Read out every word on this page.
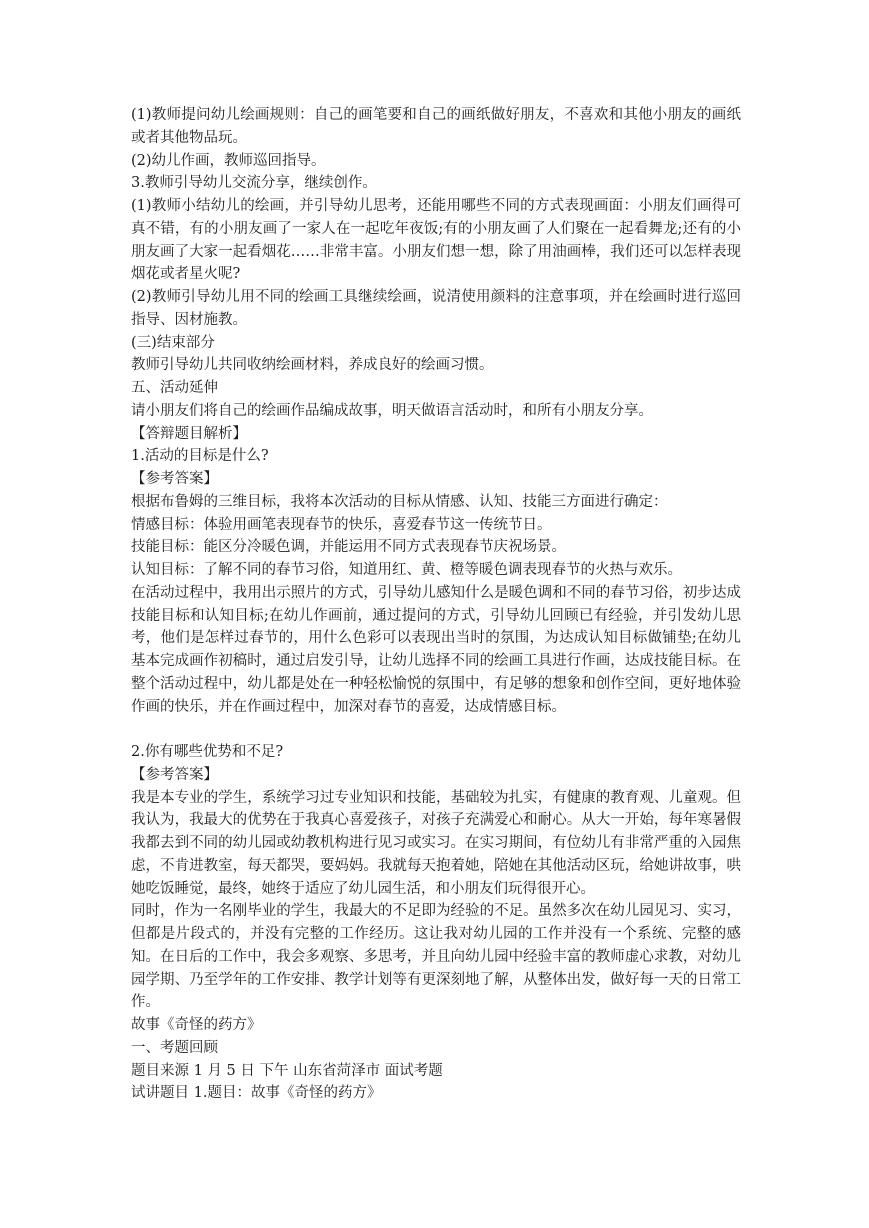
(1)教师提问幼儿绘画规则：自己的画笔要和自己的画纸做好朋友，不喜欢和其他小朋友的画纸或者其他物品玩。

(2)幼儿作画，教师巡回指导。

3.教师引导幼儿交流分享，继续创作。

(1)教师小结幼儿的绘画，并引导幼儿思考，还能用哪些不同的方式表现画面：小朋友们画得可真不错，有的小朋友画了一家人在一起吃年夜饭;有的小朋友画了人们聚在一起看舞龙;还有的小朋友画了大家一起看烟花……非常丰富。小朋友们想一想，除了用油画棒，我们还可以怎样表现烟花或者星火呢?

(2)教师引导幼儿用不同的绘画工具继续绘画，说清使用颜料的注意事项，并在绘画时进行巡回指导、因材施教。

(三)结束部分

教师引导幼儿共同收纳绘画材料，养成良好的绘画习惯。

五、活动延伸

请小朋友们将自己的绘画作品编成故事，明天做语言活动时，和所有小朋友分享。

【答辩题目解析】

1.活动的目标是什么?

【参考答案】

根据布鲁姆的三维目标，我将本次活动的目标从情感、认知、技能三方面进行确定：

情感目标：体验用画笔表现春节的快乐，喜爱春节这一传统节日。

技能目标：能区分冷暖色调，并能运用不同方式表现春节庆祝场景。

认知目标：了解不同的春节习俗，知道用红、黄、橙等暖色调表现春节的火热与欢乐。

在活动过程中，我用出示照片的方式，引导幼儿感知什么是暖色调和不同的春节习俗，初步达成技能目标和认知目标;在幼儿作画前，通过提问的方式，引导幼儿回顾已有经验，并引发幼儿思考，他们是怎样过春节的，用什么色彩可以表现出当时的氛围，为达成认知目标做铺垫;在幼儿基本完成画作初稿时，通过启发引导，让幼儿选择不同的绘画工具进行作画，达成技能目标。在整个活动过程中，幼儿都是处在一种轻松愉悦的氛围中，有足够的想象和创作空间，更好地体验作画的快乐，并在作画过程中，加深对春节的喜爱，达成情感目标。

2.你有哪些优势和不足?

【参考答案】

我是本专业的学生，系统学习过专业知识和技能，基础较为扎实，有健康的教育观、儿童观。但我认为，我最大的优势在于我真心喜爱孩子，对孩子充满爱心和耐心。从大一开始，每年寒暑假我都去到不同的幼儿园或幼教机构进行见习或实习。在实习期间，有位幼儿有非常严重的入园焦虑，不肯进教室，每天都哭，要妈妈。我就每天抱着她，陪她在其他活动区玩，给她讲故事，哄她吃饭睡觉，最终，她终于适应了幼儿园生活，和小朋友们玩得很开心。

同时，作为一名刚毕业的学生，我最大的不足即为经验的不足。虽然多次在幼儿园见习、实习，但都是片段式的，并没有完整的工作经历。这让我对幼儿园的工作并没有一个系统、完整的感知。在日后的工作中，我会多观察、多思考，并且向幼儿园中经验丰富的教师虚心求教，对幼儿园学期、乃至学年的工作安排、教学计划等有更深刻地了解，从整体出发，做好每一天的日常工作。

故事《奇怪的药方》

一、考题回顾

题目来源 1 月 5 日 下午 山东省菏泽市 面试考题

试讲题目 1.题目：故事《奇怪的药方》
